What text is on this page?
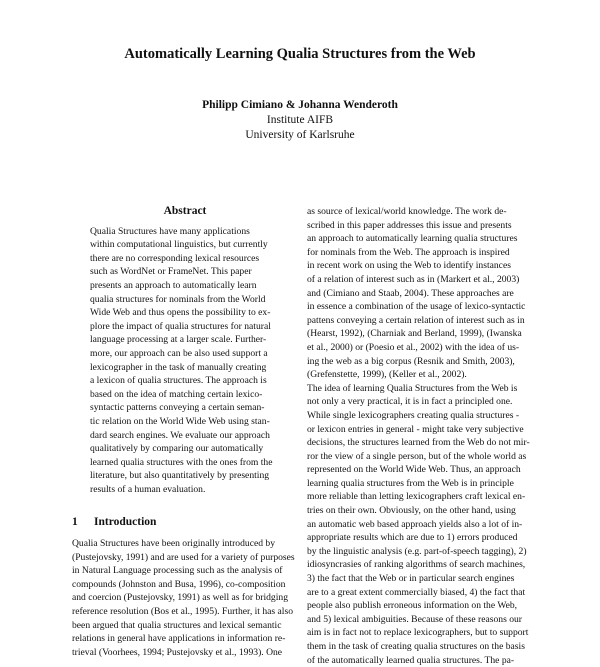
Automatically Learning Qualia Structures from the Web
Philipp Cimiano & Johanna Wenderoth
Institute AIFB
University of Karlsruhe
Abstract
Qualia Structures have many applications
within computational linguistics, but currently
there are no corresponding lexical resources
such as WordNet or FrameNet. This paper
presents an approach to automatically learn
qualia structures for nominals from the World
Wide Web and thus opens the possibility to ex-
plore the impact of qualia structures for natural
language processing at a larger scale. Further-
more, our approach can be also used support a
lexicographer in the task of manually creating
a lexicon of qualia structures. The approach is
based on the idea of matching certain lexico-
syntactic patterns conveying a certain seman-
tic relation on the World Wide Web using stan-
dard search engines. We evaluate our approach
qualitatively by comparing our automatically
learned qualia structures with the ones from the
literature, but also quantitatively by presenting
results of a human evaluation.
1 Introduction
Qualia Structures have been originally introduced by
(Pustejovsky, 1991) and are used for a variety of purposes
in Natural Language processing such as the analysis of
compounds (Johnston and Busa, 1996), co-composition
and coercion (Pustejovsky, 1991) as well as for bridging
reference resolution (Bos et al., 1995). Further, it has also
been argued that qualia structures and lexical semantic
relations in general have applications in information re-
trieval (Voorhees, 1994; Pustejovsky et al., 1993). One
as source of lexical/world knowledge. The work de-
scribed in this paper addresses this issue and presents
an approach to automatically learning qualia structures
for nominals from the Web. The approach is inspired
in recent work on using the Web to identify instances
of a relation of interest such as in (Markert et al., 2003)
and (Cimiano and Staab, 2004). These approaches are
in essence a combination of the usage of lexico-syntactic
pattens conveying a certain relation of interest such as in
(Hearst, 1992), (Charniak and Berland, 1999), (Iwanska
et al., 2000) or (Poesio et al., 2002) with the idea of us-
ing the web as a big corpus (Resnik and Smith, 2003),
(Grefenstette, 1999), (Keller et al., 2002).
The idea of learning Qualia Structures from the Web is
not only a very practical, it is in fact a principled one.
While single lexicographers creating qualia structures -
or lexicon entries in general - might take very subjective
decisions, the structures learned from the Web do not mir-
ror the view of a single person, but of the whole world as
represented on the World Wide Web. Thus, an approach
learning qualia structures from the Web is in principle
more reliable than letting lexicographers craft lexical en-
tries on their own. Obviously, on the other hand, using
an automatic web based approach yields also a lot of in-
appropriate results which are due to 1) errors produced
by the linguistic analysis (e.g. part-of-speech tagging), 2)
idiosyncrasies of ranking algorithms of search machines,
3) the fact that the Web or in particular search engines
are to a great extent commercially biased, 4) the fact that
people also publish erroneous information on the Web,
and 5) lexical ambiguities. Because of these reasons our
aim is in fact not to replace lexicographers, but to support
them in the task of creating qualia structures on the basis
of the automatically learned qualia structures. The pa-
